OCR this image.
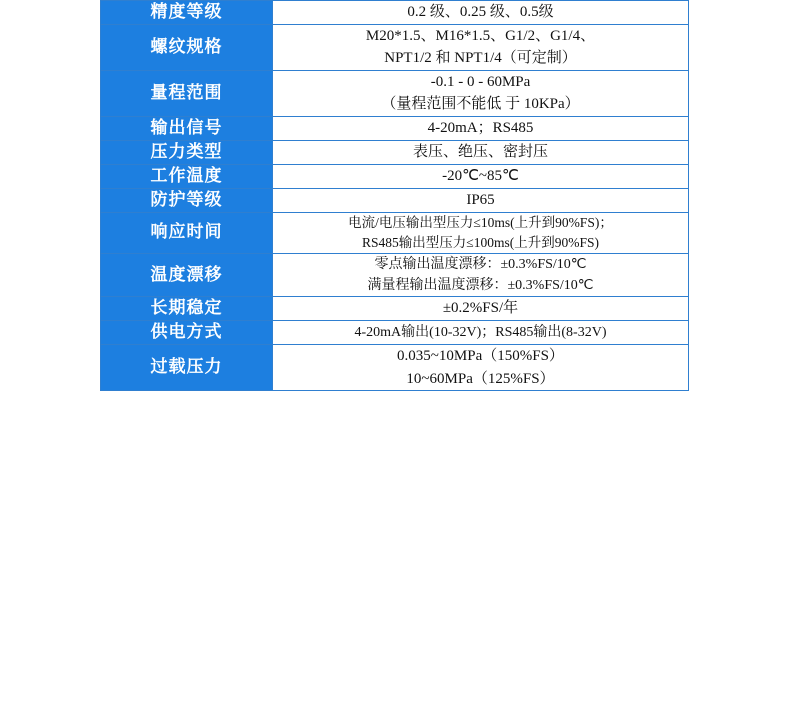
精度等级	0.2 级、0.25 级、0.5级

螺纹规格	M20*1.5、M16*1.5、G1/2、G1/4、
NPT1/2 和 NPT1/4（可定制）

量程范围	-0.1 - 0 - 60MPa
（量程范围不能低 于 10KPa）

输出信号	4-20mA；RS485

压力类型	表压、绝压、密封压

工作温度	-20℃~85℃

防护等级	IP65

响应时间	电流/电压输出型压力≤10ms(上升到90%FS)；
RS485输出型压力≤100ms(上升到90%FS)

温度漂移	零点输出温度漂移：±0.3%FS/10℃
满量程输出温度漂移：±0.3%FS/10℃

长期稳定	±0.2%FS/年

供电方式	4-20mA输出(10-32V)；RS485输出(8-32V)

过载压力	0.035~10MPa（150%FS）
10~60MPa（125%FS）
